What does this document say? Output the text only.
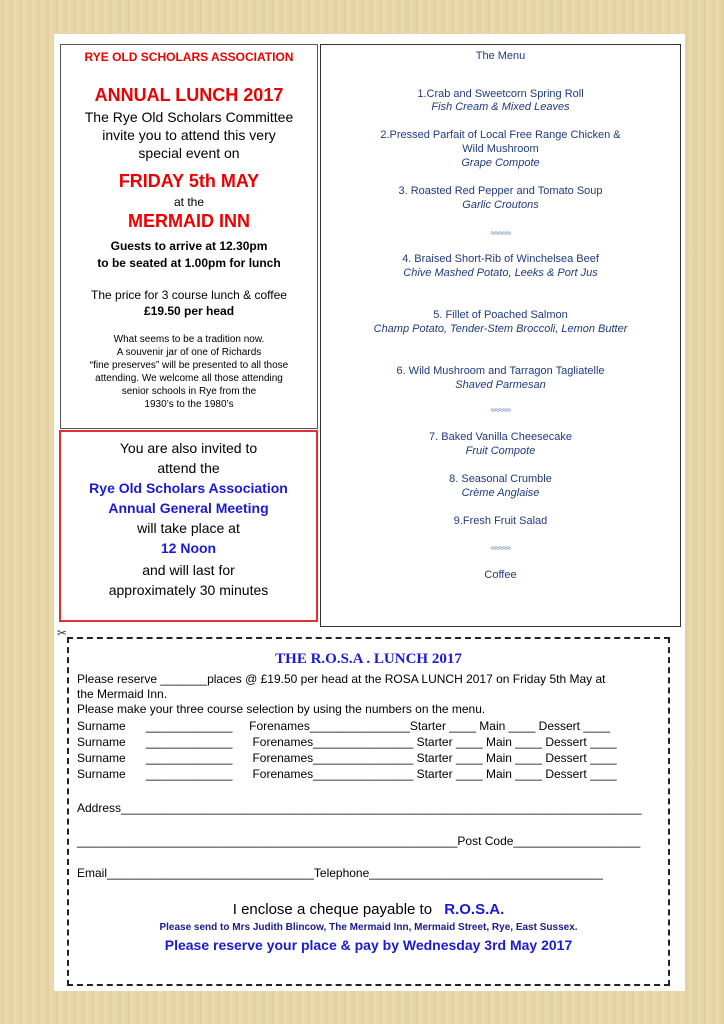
RYE OLD SCHOLARS ASSOCIATION
ANNUAL LUNCH 2017
The Rye Old Scholars Committee
invite you to attend this very
special event on
FRIDAY 5th MAY
at the
MERMAID INN
Guests to arrive at 12.30pm
to be seated at 1.00pm for lunch
The price for 3 course lunch & coffee
£19.50 per head
What seems to be a tradition now.
A souvenir jar of one of Richards
“fine preserves” will be presented to all those
attending. We welcome all those attending
senior schools in Rye from the
1930’s to the 1980’s
You are also invited to
attend the
Rye Old Scholars Association
Annual General Meeting
will take place at
12 Noon
and will last for
approximately 30 minutes
The Menu
1.Crab and Sweetcorn Spring Roll
Fish Cream & Mixed Leaves
2.Pressed Parfait of Local Free Range Chicken &
Wild Mushroom
Grape Compote
3. Roasted Red Pepper and Tomato Soup
Garlic Croutons
≈≈≈≈≈
4. Braised Short-Rib of Winchelsea Beef
Chive Mashed Potato, Leeks & Port Jus
5. Fillet of Poached Salmon
Champ Potato, Tender-Stem Broccoli, Lemon Butter
6. Wild Mushroom and Tarragon Tagliatelle
Shaved Parmesan
≈≈≈≈≈
7. Baked Vanilla Cheesecake
Fruit Compote
8. Seasonal Crumble
Crème Anglaise
9.Fresh Fruit Salad
≈≈≈≈≈
Coffee
✂
THE R.O.S.A . LUNCH 2017
Please reserve _______places @ £19.50 per head at the ROSA LUNCH 2017 on Friday 5th May at
the Mermaid Inn.
Please make your three course selection by using the numbers on the menu.
Surname      _____________     Forenames_______________Starter ____ Main ____ Dessert ____
Surname      _____________      Forenames_______________ Starter ____ Main ____ Dessert ____
Surname      _____________      Forenames_______________ Starter ____ Main ____ Dessert ____
Surname      _____________      Forenames_______________ Starter ____ Main ____ Dessert ____
Address______________________________________________________________________________
_________________________________________________________Post Code___________________
Email_______________________________Telephone___________________________________
I enclose a cheque payable to R.O.S.A.
Please send to Mrs Judith Blincow, The Mermaid Inn, Mermaid Street, Rye, East Sussex.
Please reserve your place & pay by Wednesday 3rd May 2017
